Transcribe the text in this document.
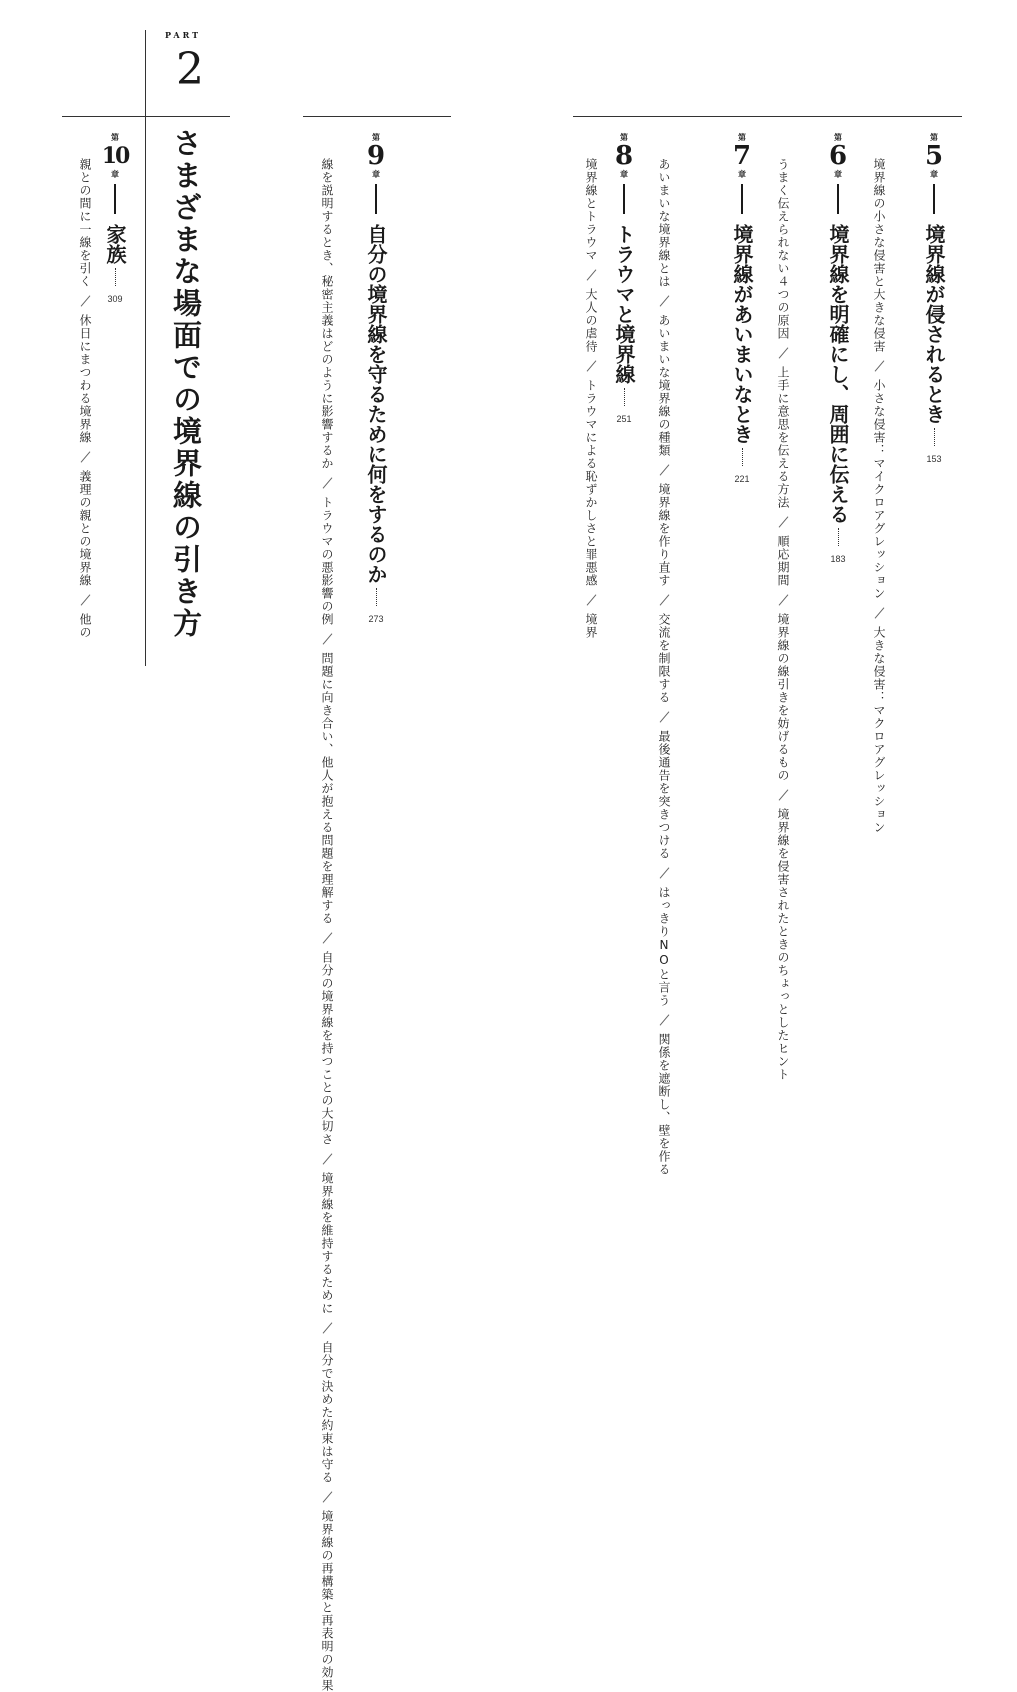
PART
2
さまざまな場面での境界線の引き方	第
5
章
境界線が侵されるとき
153
境界線の小さな侵害と大きな侵害小さな侵害：マイクロアグレッション大きな侵害：マクロアグレッション
第
6
章
境界線を明確にし、周囲に伝える
183
うまく伝えられない４つの原因上手に意思を伝える方法順応期間境界線の線引きを妨げるもの境界線を侵害されたときのちょっとしたヒント
第
7
章
境界線があいまいなとき
221
あいまいな境界線とはあいまいな境界線の種類境界線を作り直す交流を制限する最後通告を突きつけるはっきりNOと言う関係を遮断し、壁を作る
第
8
章
トラウマと境界線
251
境界線とトラウマ大人の虐待トラウマによる恥ずかしさと罪悪感境界
第
9
章
自分の境界線を守るために何をするのか
273
線を説明するとき、秘密主義はどのように影響するかトラウマの悪影響の例問題に向き合い、他人が抱える問題を理解する自分の境界線を持つことの大切さ境界線を維持するために自分で決めた約束は守る境界線の再構築と再表明の効果
第
10
章
家族
309
親との間に一線を引く休日にまつわる境界線義理の親との境界線他の
